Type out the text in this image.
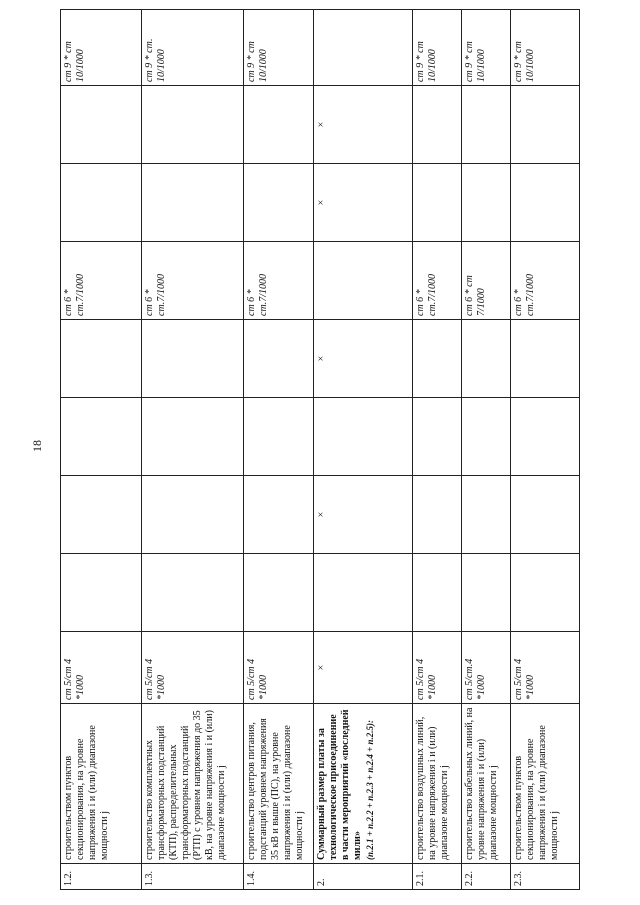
18
1.2.	строительством пунктов секционирования, на уровне напряжения i и (или) диапазоне мощности j	ст 5/ст 4 *1000					ст 6 * ст.7/1000			ст 9 * ст 10/1000
1.3.	строительство комплектных трансформаторных подстанций (КТП), распределительных трансформаторных подстанций (РТП) с уровнем напряжения до 35 кВ, на уровне напряжения i и (или) диапазоне мощности j	ст 5/ст 4 *1000					ст 6 * ст.7/1000			ст 9 * ст. 10/1000
1.4.	строительство центров питания, подстанций уровнем напряжения 35 кВ и выше (ПС), на уровне напряжения i и (или) диапазоне мощности j	ст 5/ст 4 *1000					ст 6 * ст.7/1000			ст 9 * ст 10/1000
2.	Суммарный размер платы за технологическое присоединение в части мероприятий «последней мили» (п.2.1 + п.2.2 + п.2.3 + п.2.4 + п.2.5):	×		×		×		×	×	
2.1.	строительство воздушных линий, на уровне напряжения i и (или) диапазоне мощности j	ст 5/ст 4 *1000					ст 6 * ст.7/1000			ст 9 * ст 10/1000
2.2.	строительство кабельных линий, на уровне напряжения i и (или) диапазоне мощности j	ст 5/ст.4 *1000					ст 6 * ст 7/1000			ст 9 * ст 10/1000
2.3.	строительством пунктов секционирования, на уровне напряжения i и (или) диапазоне мощности j	ст 5/ст 4 *1000					ст 6 * ст.7/1000			ст 9 * ст 10/1000
